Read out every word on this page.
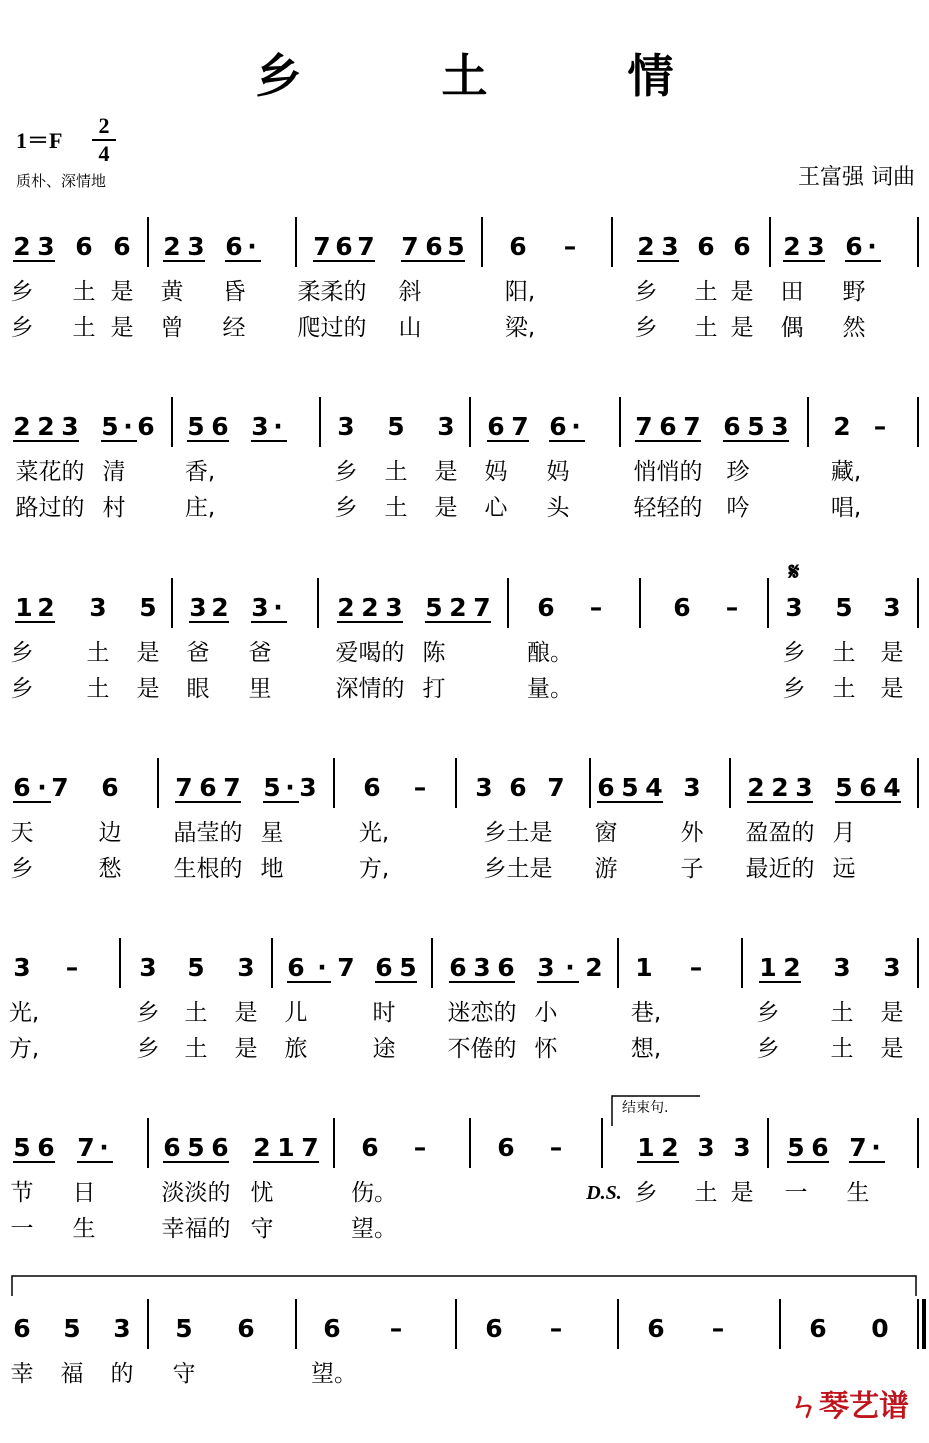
乡 土 情
1＝F
2
4
质朴、深情地	王富强 词曲
2 3 6 6 2 3 6 · 7 6 7 7 6 5 6 – 2 3 6 6 2 3 6 ·
乡 土 是 黄 昏 柔柔的 斜	阳,	乡 土 是 田 野
乡 土 是 曾 经 爬过的 山	梁,	乡 土 是 偶 然
2 2 3 5 · 6 5 6 3 · 3 5 3 6 7 6 · 7 6 7 6 5 3 2 –
菜花的 清	香,	乡 土 是 妈 妈	悄悄的 珍	藏,
路过的 村	庄,	乡 土 是 心 头	轻轻的 吟	唱,
1 2 3 5 3 2 3 · 2 2 3 5 2 7 6 –	6 – 3 5 3
乡 土 是 爸 爸	爱喝的 陈	酿。	乡 土 是
乡 土 是 眼 里	深情的 打	量。	乡 土 是
6 · 7 6 7 6 7 5 · 3 6 – 3 6 7 6 5 4 3 2 2 3 5 6 4
天	边 晶莹的 星	光,	乡土是 窗	外 盈盈的 月
乡	愁 生根的 地	方,	乡土是 游	子 最近的 远
3 – 3 5 3 6 · 7 6 5 6 3 6 3 · 2 1 – 1 2 3 3
光,	乡 土 是 儿	时 迷恋的 小	巷,	乡 土 是
方,	乡 土 是 旅	途 不倦的 怀	想,	乡 土 是
5 6 7 · 6 5 6 2 1 7 6 –	6 –	1 2 3 3 5 6 7 ·
节 日	淡淡的 忧	伤。	乡 土 是 一 生
一 生	幸福的 守	望。
6 5 3 5 6	6 –	6 –	6 –	6 0
幸 福 的 守	望。
𝄋
D.S.
结束句.
ㄣ琴艺谱
